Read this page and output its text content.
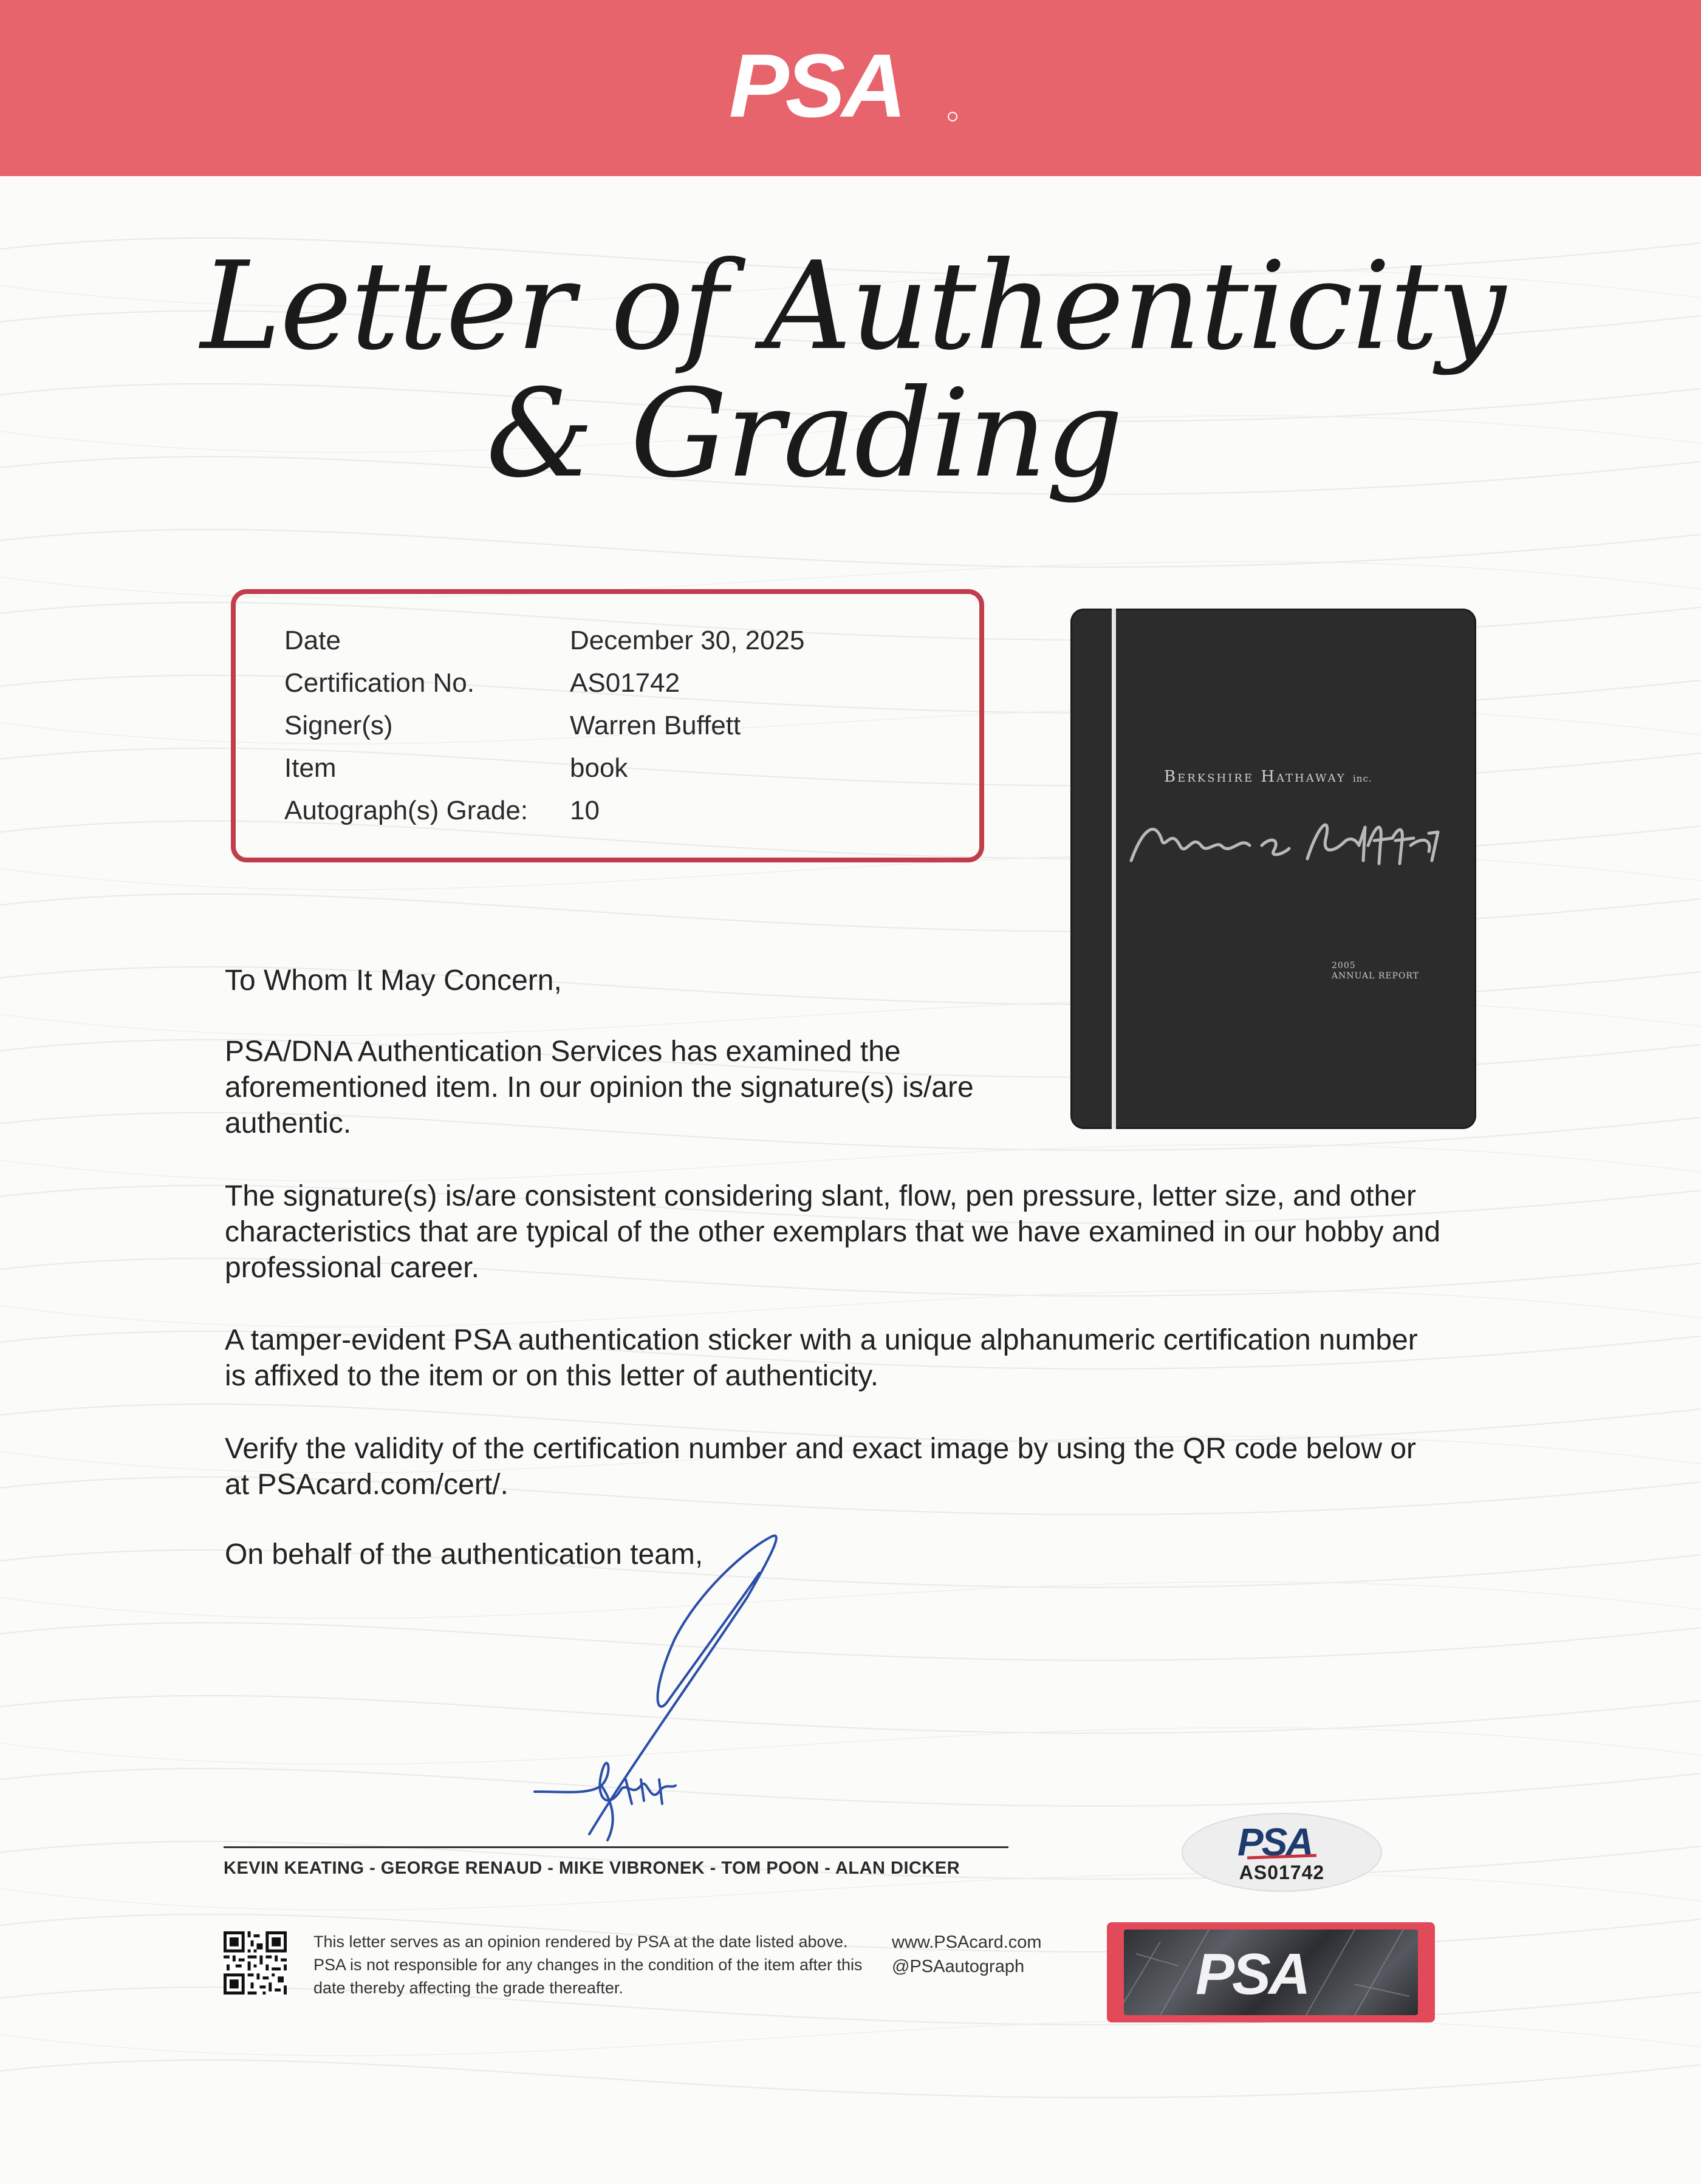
PSA
Letter of Authenticity
& Grading
Date	December 30, 2025
Certification No.	AS01742
Signer(s)	Warren Buffett
Item	book
Autograph(s) Grade: 10
Berkshire Hathaway inc.
2005
ANNUAL REPORT

To Whom It May Concern,

PSA/DNA Authentication Services has examined the aforementioned item. In our opinion the signature(s) is/are authentic.

The signature(s) is/are consistent considering slant, flow, pen pressure, letter size, and other characteristics that are typical of the other exemplars that we have examined in our hobby and professional career.

A tamper-evident PSA authentication sticker with a unique alphanumeric certification number is affixed to the item or on this letter of authenticity.

Verify the validity of the certification number and exact image by using the QR code below or at PSAcard.com/cert/.

On behalf of the authentication team,

KEVIN KEATING - GEORGE RENAUD - MIKE VIBRONEK - TOM POON - ALAN DICKER

This letter serves as an opinion rendered by PSA at the date listed above. PSA is not responsible for any changes in the condition of the item after this date thereby affecting the grade thereafter.

www.PSAcard.com
@PSAautograph
PSA
AS01742
PSA
